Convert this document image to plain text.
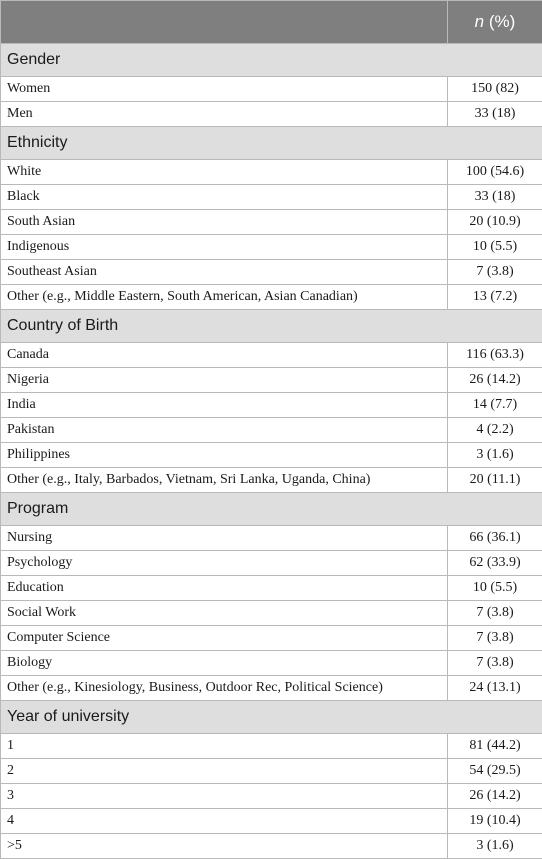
	n (%)
Gender	
Women	150 (82)
Men	33 (18)
Ethnicity	
White	100 (54.6)
Black	33 (18)
South Asian	20 (10.9)
Indigenous	10 (5.5)
Southeast Asian	7 (3.8)
Other (e.g., Middle Eastern, South American, Asian Canadian)	13 (7.2)
Country of Birth	
Canada	116 (63.3)
Nigeria	26 (14.2)
India	14 (7.7)
Pakistan	4 (2.2)
Philippines	3 (1.6)
Other (e.g., Italy, Barbados, Vietnam, Sri Lanka, Uganda, China)	20 (11.1)
Program	
Nursing	66 (36.1)
Psychology	62 (33.9)
Education	10 (5.5)
Social Work	7 (3.8)
Computer Science	7 (3.8)
Biology	7 (3.8)
Other (e.g., Kinesiology, Business, Outdoor Rec, Political Science)	24 (13.1)
Year of university	
1	81 (44.2)
2	54 (29.5)
3	26 (14.2)
4	19 (10.4)
>5	3 (1.6)
